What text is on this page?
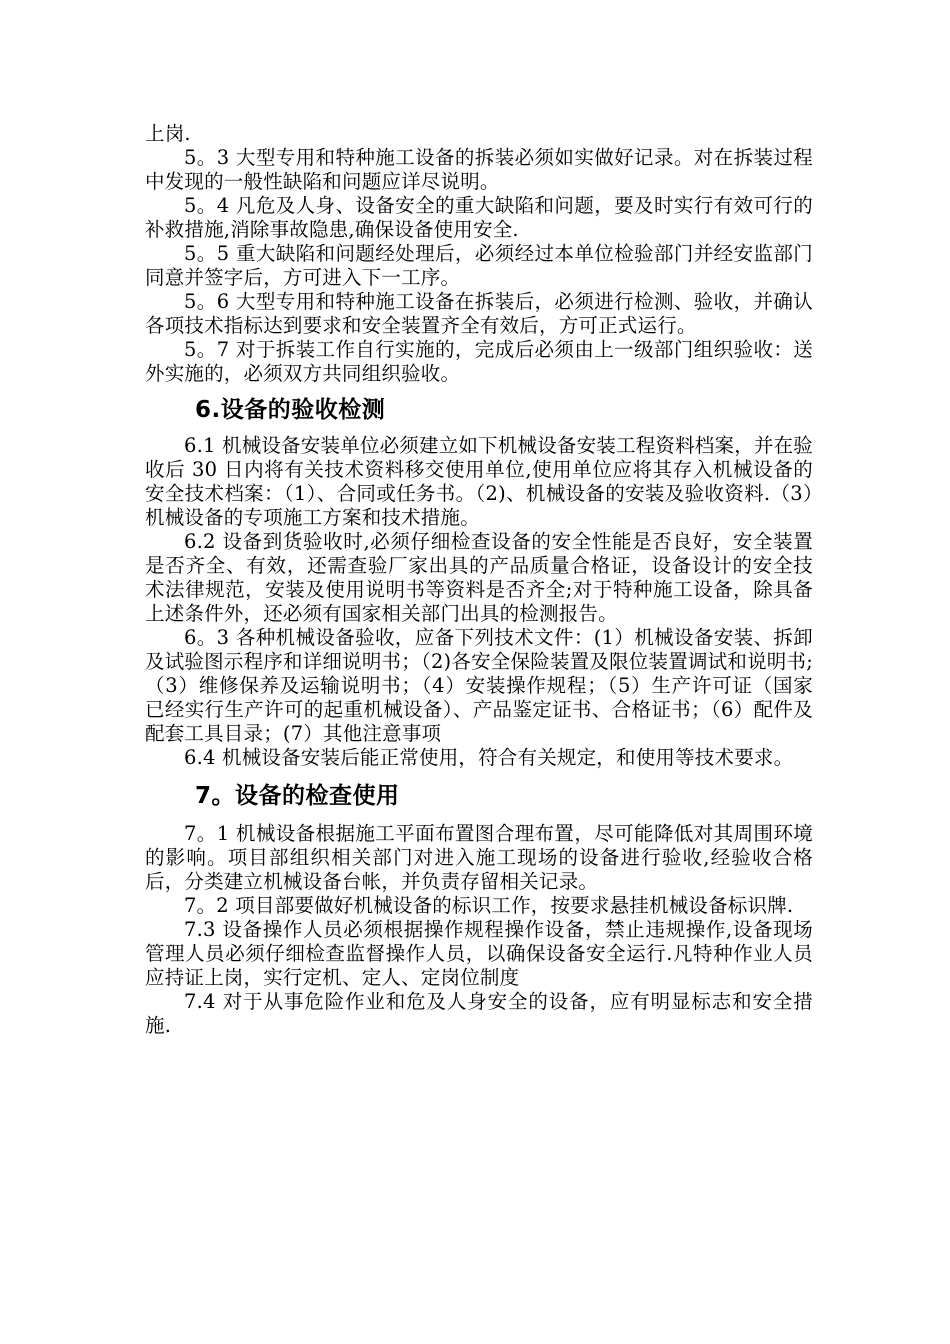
上岗.

5。3 大型专用和特种施工设备的拆装必须如实做好记录。对在拆装过程中发现的一般性缺陷和问题应详尽说明。

5。4 凡危及人身、设备安全的重大缺陷和问题，要及时实行有效可行的补救措施,消除事故隐患,确保设备使用安全.

5。5 重大缺陷和问题经处理后，必须经过本单位检验部门并经安监部门同意并签字后，方可进入下一工序。

5。6 大型专用和特种施工设备在拆装后，必须进行检测、验收，并确认各项技术指标达到要求和安全装置齐全有效后，方可正式运行。

5。7 对于拆装工作自行实施的，完成后必须由上一级部门组织验收：送外实施的，必须双方共同组织验收。

6.设备的验收检测

6.1 机械设备安装单位必须建立如下机械设备安装工程资料档案，并在验收后 30 日内将有关技术资料移交使用单位,使用单位应将其存入机械设备的安全技术档案：（1）、合同或任务书。（2)、机械设备的安装及验收资料.（3）机械设备的专项施工方案和技术措施。

6.2 设备到货验收时,必须仔细检查设备的安全性能是否良好，安全装置是否齐全、有效，还需查验厂家出具的产品质量合格证，设备设计的安全技术法律规范，安装及使用说明书等资料是否齐全;对于特种施工设备，除具备上述条件外，还必须有国家相关部门出具的检测报告。

6。3 各种机械设备验收，应备下列技术文件：(1）机械设备安装、拆卸及试验图示程序和详细说明书；（2)各安全保险装置及限位装置调试和说明书;（3）维修保养及运输说明书；（4）安装操作规程；（5）生产许可证（国家已经实行生产许可的起重机械设备）、产品鉴定证书、合格证书；（6）配件及配套工具目录；(7）其他注意事项

6.4 机械设备安装后能正常使用，符合有关规定，和使用等技术要求。

7。设备的检查使用

7。1 机械设备根据施工平面布置图合理布置，尽可能降低对其周围环境的影响。项目部组织相关部门对进入施工现场的设备进行验收,经验收合格后，分类建立机械设备台帐，并负责存留相关记录。

7。2 项目部要做好机械设备的标识工作，按要求悬挂机械设备标识牌.

7.3 设备操作人员必须根据操作规程操作设备，禁止违规操作,设备现场管理人员必须仔细检查监督操作人员，以确保设备安全运行.凡特种作业人员应持证上岗，实行定机、定人、定岗位制度

7.4 对于从事危险作业和危及人身安全的设备，应有明显标志和安全措施.
